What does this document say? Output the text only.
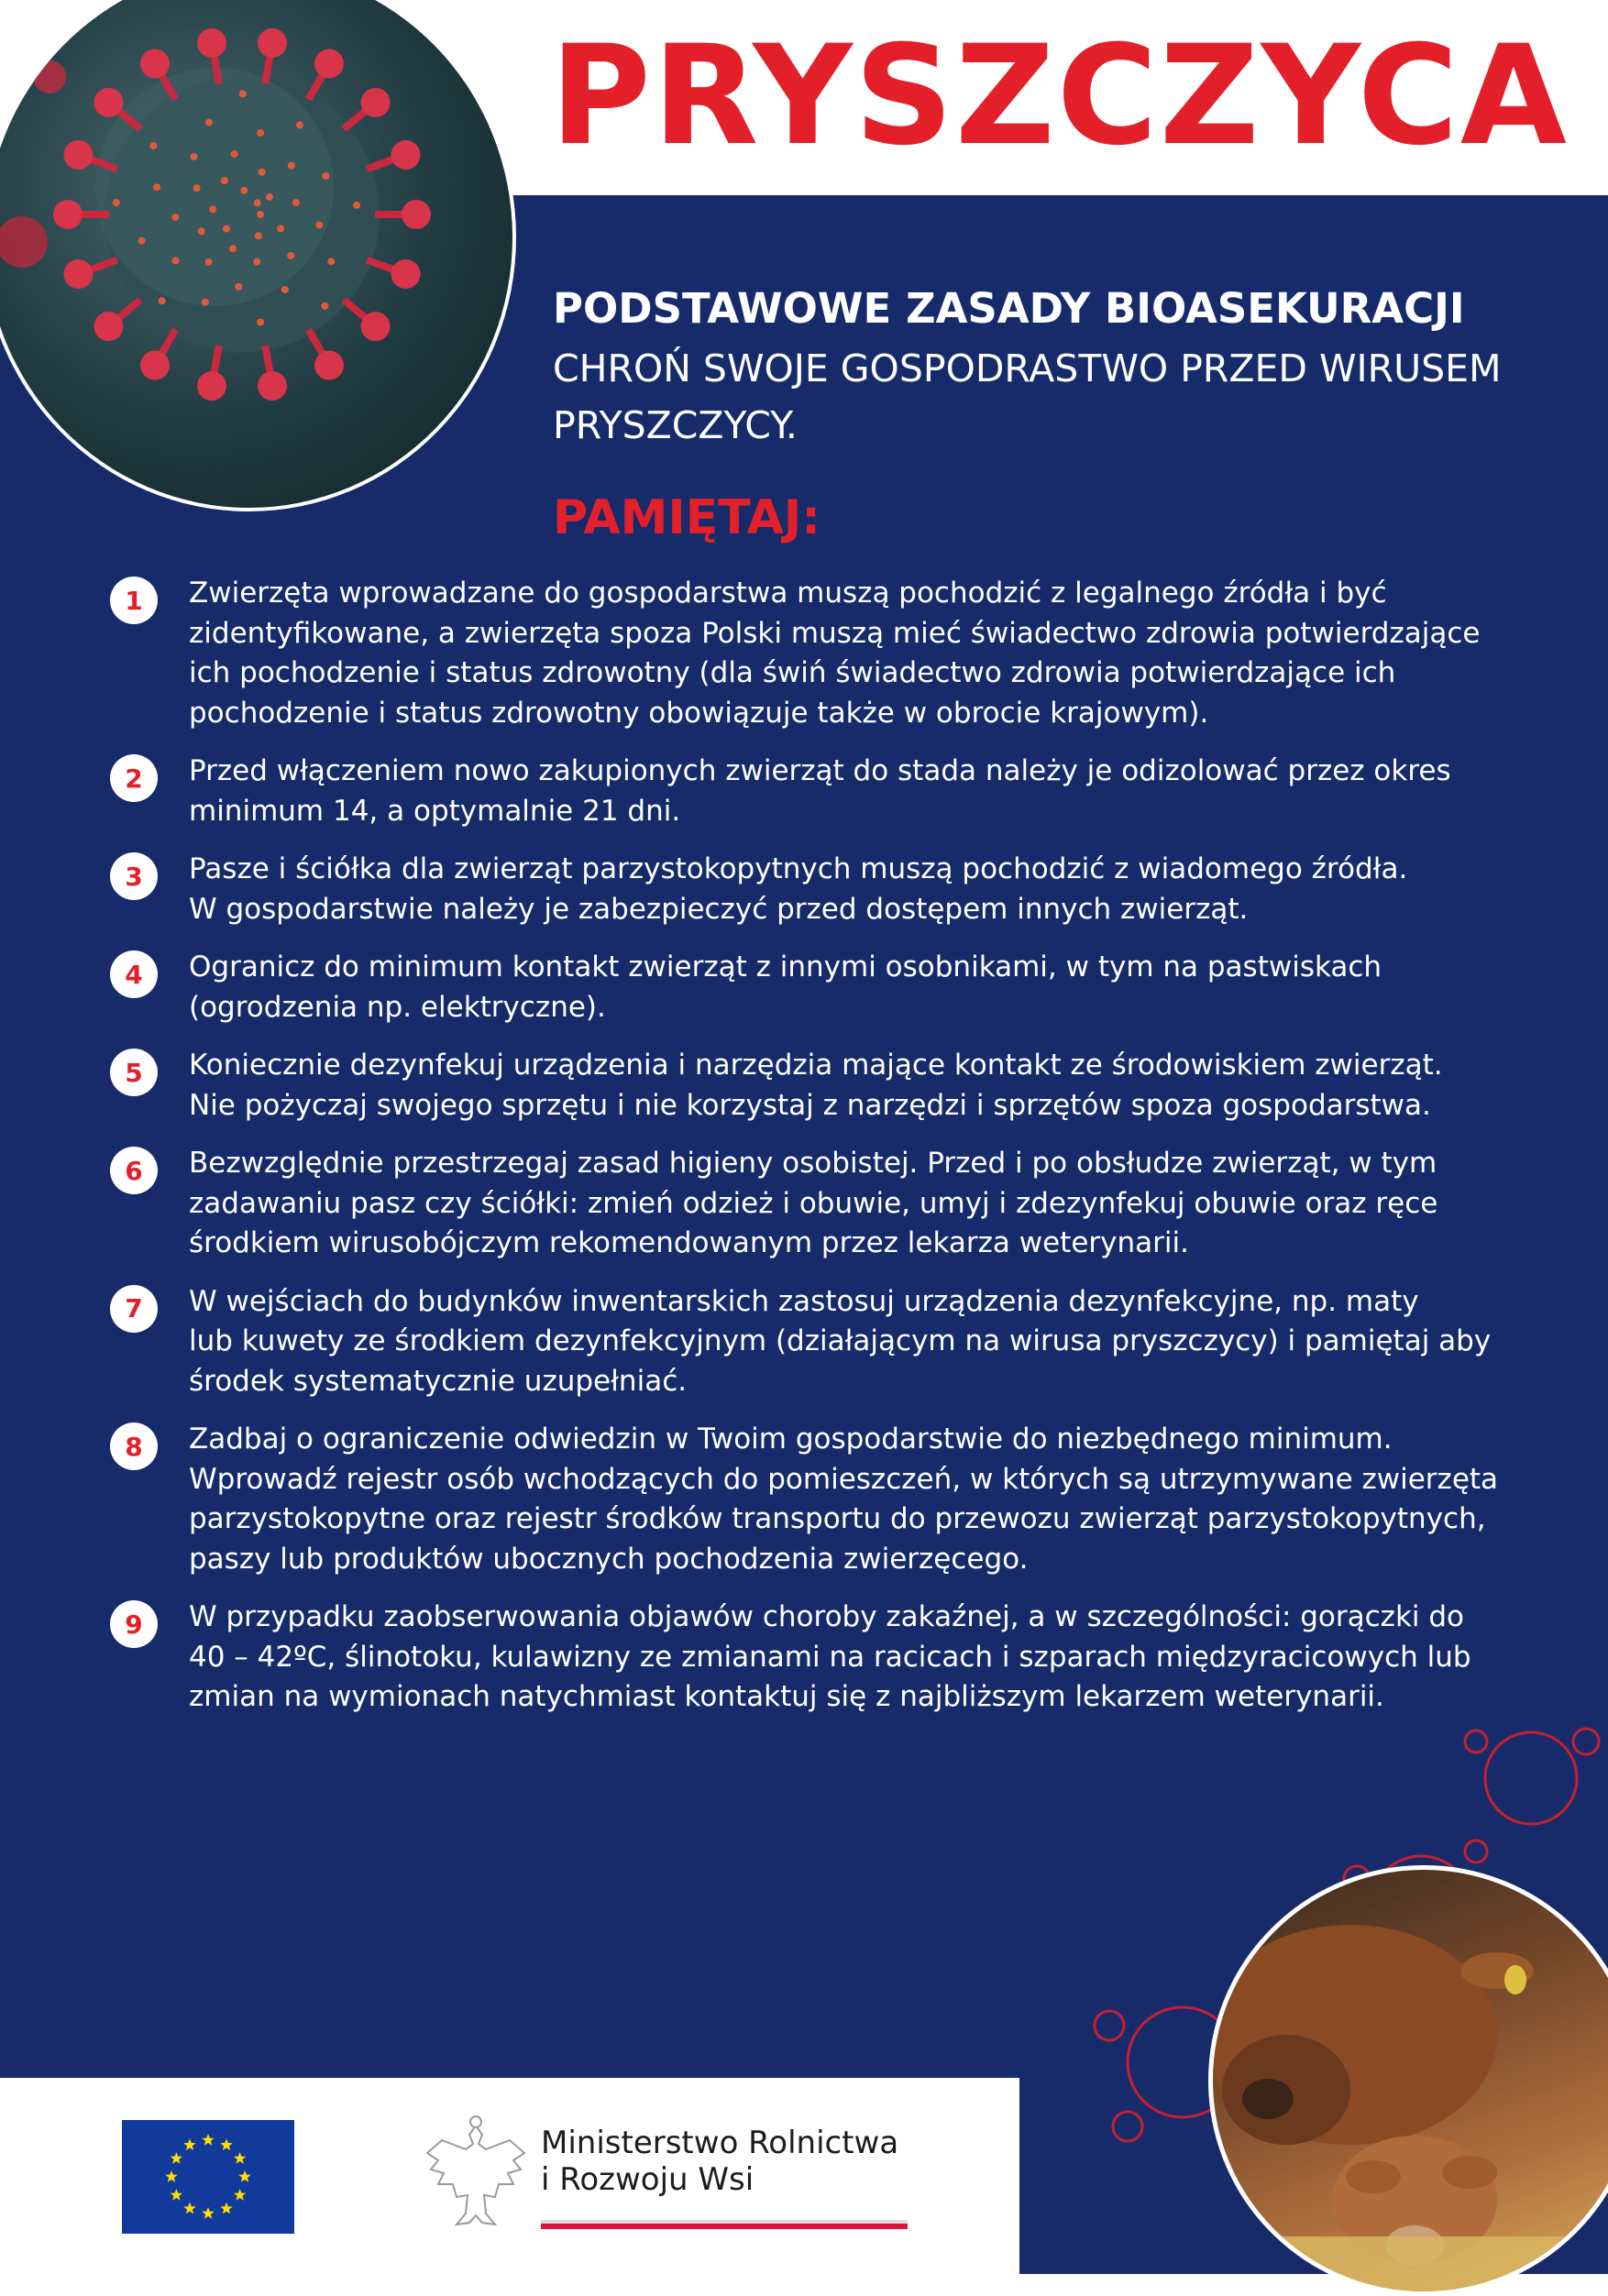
PRYSZCZYCA

PODSTAWOWE ZASADY BIOASEKURACJI

CHROŃ SWOJE GOSPODRASTWO PRZED WIRUSEM
PRYSZCZYCY.

PAMIĘTAJ:
1	Zwierzęta wprowadzane do gospodarstwa muszą pochodzić z legalnego źródła i być
zidentyfikowane, a zwierzęta spoza Polski muszą mieć świadectwo zdrowia potwierdzające
ich pochodzenie i status zdrowotny (dla świń świadectwo zdrowia potwierdzające ich
pochodzenie i status zdrowotny obowiązuje także w obrocie krajowym).
2	Przed włączeniem nowo zakupionych zwierząt do stada należy je odizolować przez okres
minimum 14, a optymalnie 21 dni.
3	Pasze i ściółka dla zwierząt parzystokopytnych muszą pochodzić z wiadomego źródła.
W gospodarstwie należy je zabezpieczyć przed dostępem innych zwierząt.
4	Ogranicz do minimum kontakt zwierząt z innymi osobnikami, w tym na pastwiskach
(ogrodzenia np. elektryczne).
5	Koniecznie dezynfekuj urządzenia i narzędzia mające kontakt ze środowiskiem zwierząt.
Nie pożyczaj swojego sprzętu i nie korzystaj z narzędzi i sprzętów spoza gospodarstwa.
6	Bezwzględnie przestrzegaj zasad higieny osobistej. Przed i po obsłudze zwierząt, w tym
zadawaniu pasz czy ściółki: zmień odzież i obuwie, umyj i zdezynfekuj obuwie oraz ręce
środkiem wirusobójczym rekomendowanym przez lekarza weterynarii.
7	W wejściach do budynków inwentarskich zastosuj urządzenia dezynfekcyjne, np. maty
lub kuwety ze środkiem dezynfekcyjnym (działającym na wirusa pryszczycy) i pamiętaj aby
środek systematycznie uzupełniać.
8	Zadbaj o ograniczenie odwiedzin w Twoim gospodarstwie do niezbędnego minimum.
Wprowadź rejestr osób wchodzących do pomieszczeń, w których są utrzymywane zwierzęta
parzystokopytne oraz rejestr środków transportu do przewozu zwierząt parzystokopytnych,
paszy lub produktów ubocznych pochodzenia zwierzęcego.
9	W przypadku zaobserwowania objawów choroby zakaźnej, a w szczególności: gorączki do
40 – 42ºC, ślinotoku, kulawizny ze zmianami na racicach i szparach międzyracicowych lub
zmian na wymionach natychmiast kontaktuj się z najbliższym lekarzem weterynarii.
Ministerstwo Rolnictwa
i Rozwoju Wsi
